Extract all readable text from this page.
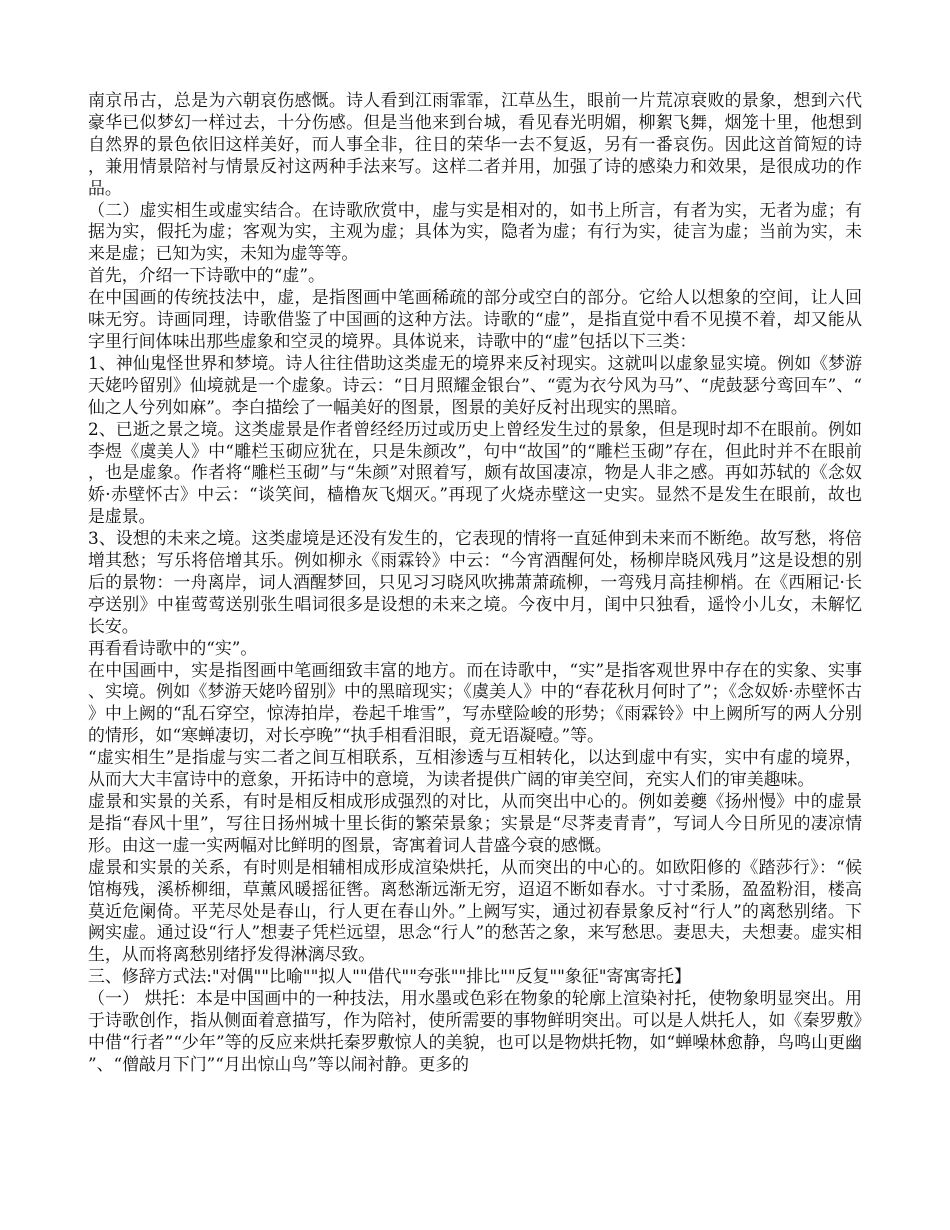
南京吊古，总是为六朝哀伤感慨。诗人看到江雨霏霏，江草丛生，眼前一片荒凉衰败的景象，想到六代豪华已似梦幻一样过去，十分伤感。但是当他来到台城，看见春光明媚，柳絮飞舞，烟笼十里，他想到自然界的景色依旧这样美好，而人事全非，往日的荣华一去不复返，另有一番哀伤。因此这首简短的诗，兼用情景陪衬与情景反衬这两种手法来写。这样二者并用，加强了诗的感染力和效果，是很成功的作品。

（二）虚实相生或虚实结合。在诗歌欣赏中，虚与实是相对的，如书上所言，有者为实，无者为虚；有据为实，假托为虚；客观为实，主观为虚；具体为实，隐者为虚；有行为实，徒言为虚；当前为实，未来是虚；已知为实，未知为虚等等。

首先，介绍一下诗歌中的“虚”。

在中国画的传统技法中，虚，是指图画中笔画稀疏的部分或空白的部分。它给人以想象的空间，让人回味无穷。诗画同理，诗歌借鉴了中国画的这种方法。诗歌的“虚”，是指直觉中看不见摸不着，却又能从字里行间体味出那些虚象和空灵的境界。具体说来，诗歌中的“虚”包括以下三类：

1、神仙鬼怪世界和梦境。诗人往往借助这类虚无的境界来反衬现实。这就叫以虚象显实境。例如《梦游天姥吟留别》仙境就是一个虚象。诗云：“日月照耀金银台”、“霓为衣兮风为马”、“虎鼓瑟兮鸾回车”、“仙之人兮列如麻”。李白描绘了一幅美好的图景，图景的美好反衬出现实的黑暗。

2、已逝之景之境。这类虚景是作者曾经经历过或历史上曾经发生过的景象，但是现时却不在眼前。例如李煜《虞美人》中“雕栏玉砌应犹在，只是朱颜改”，句中“故国”的“雕栏玉砌”存在，但此时并不在眼前，也是虚象。作者将“雕栏玉砌”与“朱颜”对照着写，颇有故国凄凉，物是人非之感。再如苏轼的《念奴娇·赤壁怀古》中云：“谈笑间，樯橹灰飞烟灭。”再现了火烧赤壁这一史实。显然不是发生在眼前，故也是虚景。

3、设想的未来之境。这类虚境是还没有发生的，它表现的情将一直延伸到未来而不断绝。故写愁，将倍增其愁；写乐将倍增其乐。例如柳永《雨霖铃》中云：“今宵酒醒何处，杨柳岸晓风残月”这是设想的别后的景物：一舟离岸，词人酒醒梦回，只见习习晓风吹拂萧萧疏柳，一弯残月高挂柳梢。在《西厢记·长亭送别》中崔莺莺送别张生唱词很多是设想的未来之境。今夜中月，闺中只独看，遥怜小儿女，未解忆长安。

再看看诗歌中的“实”。

在中国画中，实是指图画中笔画细致丰富的地方。而在诗歌中，“实”是指客观世界中存在的实象、实事、实境。例如《梦游天姥吟留别》中的黑暗现实；《虞美人》中的“春花秋月何时了”；《念奴娇·赤壁怀古》中上阙的“乱石穿空，惊涛拍岸，卷起千堆雪”，写赤壁险峻的形势；《雨霖铃》中上阙所写的两人分别的情形，如“寒蝉凄切，对长亭晚”“执手相看泪眼，竟无语凝噎。”等。

“虚实相生”是指虚与实二者之间互相联系，互相渗透与互相转化，以达到虚中有实，实中有虚的境界，从而大大丰富诗中的意象，开拓诗中的意境，为读者提供广阔的审美空间，充实人们的审美趣味。

虚景和实景的关系，有时是相反相成形成强烈的对比，从而突出中心的。例如姜夔《扬州慢》中的虚景是指“春风十里”，写往日扬州城十里长街的繁荣景象；实景是“尽荠麦青青”，写词人今日所见的凄凉情形。由这一虚一实两幅对比鲜明的图景，寄寓着词人昔盛今衰的感慨。

虚景和实景的关系，有时则是相辅相成形成渲染烘托，从而突出的中心的。如欧阳修的《踏莎行》：“候馆梅残，溪桥柳细，草薰风暖摇征辔。离愁渐远渐无穷，迢迢不断如春水。寸寸柔肠，盈盈粉泪，楼高莫近危阑倚。平芜尽处是春山，行人更在春山外。”上阙写实，通过初春景象反衬“行人”的离愁别绪。下阙实虚。通过设“行人”想妻子凭栏远望，思念“行人”的愁苦之象，来写愁思。妻思夫，夫想妻。虚实相生，从而将离愁别绪抒发得淋漓尽致。

三、修辞方式法:"对偶""比喻""拟人""借代""夸张""排比""反复""象征"寄寓寄托】

（一） 烘托：本是中国画中的一种技法，用水墨或色彩在物象的轮廓上渲染衬托，使物象明显突出。用于诗歌创作，指从侧面着意描写，作为陪衬，使所需要的事物鲜明突出。可以是人烘托人，如《秦罗敷》中借“行者”“少年”等的反应来烘托秦罗敷惊人的美貌，也可以是物烘托物，如“蝉噪林愈静，鸟鸣山更幽”、“僧敲月下门”“月出惊山鸟”等以闹衬静。更多的
